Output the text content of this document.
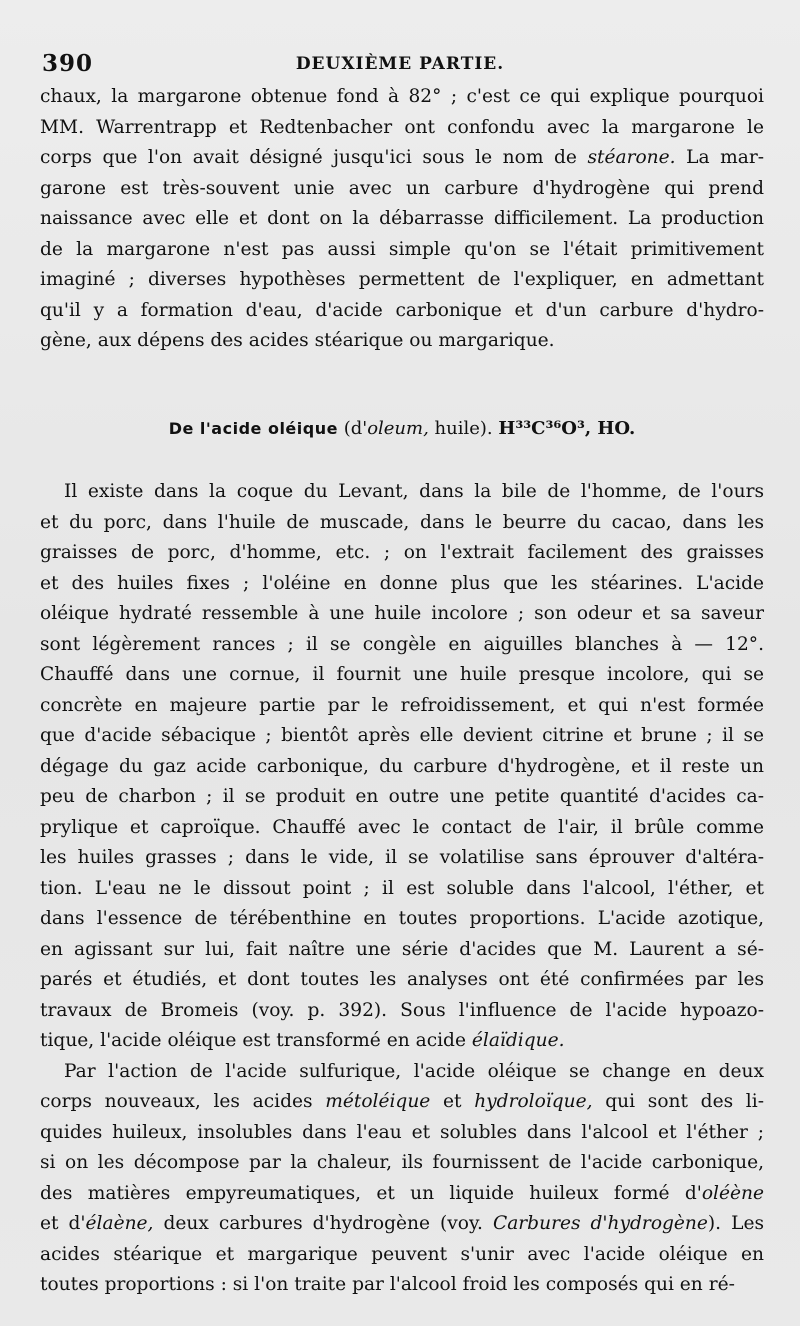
390	DEUXIÈME PARTIE.
chaux, la margarone obtenue fond à 82° ; c'est ce qui explique pourquoi
MM. Warrentrapp et Redtenbacher ont confondu avec la margarone le
corps que l'on avait désigné jusqu'ici sous le nom de stéarone. La mar-
garone est très-souvent unie avec un carbure d'hydrogène qui prend
naissance avec elle et dont on la débarrasse difficilement. La production
de la margarone n'est pas aussi simple qu'on se l'était primitivement
imaginé ; diverses hypothèses permettent de l'expliquer, en admettant
qu'il y a formation d'eau, d'acide carbonique et d'un carbure d'hydro-
gène, aux dépens des acides stéarique ou margarique.
De l'acide oléique (d'oleum, huile). H³³C³⁶O³, HO.
Il existe dans la coque du Levant, dans la bile de l'homme, de l'ours
et du porc, dans l'huile de muscade, dans le beurre du cacao, dans les
graisses de porc, d'homme, etc. ; on l'extrait facilement des graisses
et des huiles fixes ; l'oléine en donne plus que les stéarines. L'acide
oléique hydraté ressemble à une huile incolore ; son odeur et sa saveur
sont légèrement rances ; il se congèle en aiguilles blanches à — 12°.
Chauffé dans une cornue, il fournit une huile presque incolore, qui se
concrète en majeure partie par le refroidissement, et qui n'est formée
que d'acide sébacique ; bientôt après elle devient citrine et brune ; il se
dégage du gaz acide carbonique, du carbure d'hydrogène, et il reste un
peu de charbon ; il se produit en outre une petite quantité d'acides ca-
prylique et caproïque. Chauffé avec le contact de l'air, il brûle comme
les huiles grasses ; dans le vide, il se volatilise sans éprouver d'altéra-
tion. L'eau ne le dissout point ; il est soluble dans l'alcool, l'éther, et
dans l'essence de térébenthine en toutes proportions. L'acide azotique,
en agissant sur lui, fait naître une série d'acides que M. Laurent a sé-
parés et étudiés, et dont toutes les analyses ont été confirmées par les
travaux de Bromeis (voy. p. 392). Sous l'influence de l'acide hypoazo-
tique, l'acide oléique est transformé en acide élaïdique.
Par l'action de l'acide sulfurique, l'acide oléique se change en deux
corps nouveaux, les acides métoléique et hydroloïque, qui sont des li-
quides huileux, insolubles dans l'eau et solubles dans l'alcool et l'éther ;
si on les décompose par la chaleur, ils fournissent de l'acide carbonique,
des matières empyreumatiques, et un liquide huileux formé d'oléène
et d'élaène, deux carbures d'hydrogène (voy. Carbures d'hydrogène). Les
acides stéarique et margarique peuvent s'unir avec l'acide oléique en
toutes proportions : si l'on traite par l'alcool froid les composés qui en ré-
